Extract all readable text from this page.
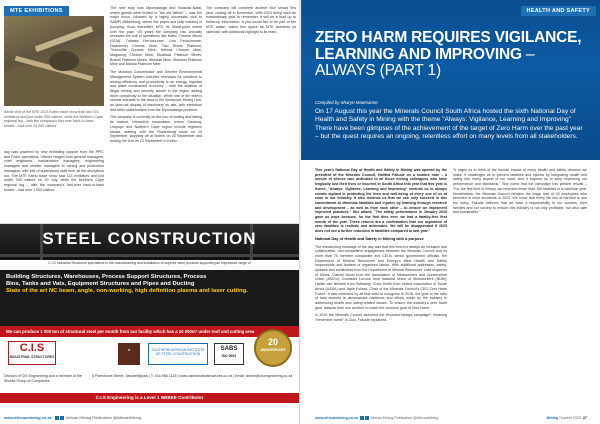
MTE EXHIBITIONS
Aerial shot of the MTE 2023 Kathu trade show that had 715 exhibitors and just under 300 visitors, while the Northern Cape regional leg – with the company's first ever back-to-back shows – had over 10 000 visitors

day was powered by new exhibiting support from the PPIC and Fodor operations. Visitors ranged from general managers, chief engineers, maintenance managers, engineering managers and smelter managers to mining and production managers, with lots of supervisory staff from all the disciplines too. The MTE Kathu trade show saw 115 exhibitors and just under 300 visitors on 20 July, while the Northern Cape regional leg – with the company's first-ever back-to-back shows – had over 1 000 visitors.

The next stop was Mpumalanga and Kwazulu-Natal, where guests were invited to "the old faithful" – was the major focus, followed by a highly successful visit to SAMPI Middelburg, where the paper and pulp industry is pumping. Soon thereafter, MTE hit Stand-point where over the past ~20 years the company has annually reviewed the suit of operations like Kathu Chrome Mines (SCM), Tubatse Ferrochrome, Lion Ferrochrome, Dwarsrivier Chrome Mine, Two Rivers Platinum, Thorncliffe Chrome Mine, Helena Chrome Mine, Magareng Chrome Mine, Modikwa Platinum Mines, Bokoni Platinum Mines, Nkomati Mine, Mototolo Platinum Mine and Marula Platinum Mine.

The Mototolo Concentrator and Smelter Environmental Management System includes exercises for solutions to mining efficiency and productivity is an energy, logistics and water constrained economy – with the addition of illegal mining and security issues in the region adding more complexity to the situation. While one of the team's newest entrants to the area is the Steelpoort Mining Hub, an open-air display of machinery on site, with exhibitors and other stakeholders from the Mpumalanga province.

The company is currently on the tour of visiting and taking its mature, interactive showcases, where Gauteng, Limpopo and Northern Cape region include eighteen shows, starting with the Rustenburg show on 10 September, stopping off at Sishen on 20 September and ending the tour on 22 September in Kathu.

The company will complete another four shows this year, closing off in November. With 2024 being such an extraordinary year to remember, it will be a lead up to follow-up information. If you would like to be part of the MTE action, watch this space as MTE launches its calendar, with additional highlight to its team.

STEEL CONSTRUCTION
C.I.S Industrial Structures specialises in the manufacturing and installation of superior steel products supporting an impressive range of
Building Structures, Warehouses, Process Support Structures, Process
Bins, Tanks and Vats, Equipment Structures and Pipes and Ducting
State of the art NC beam, angle, non-working, high definition plasma and laser cutting.
We can produce 1 000 ton of structural steel per month from our facility which has a 10 000m² under roof and cutting area
C.I.S
INDUSTRIAL STRUCTURES
★	SOUTHERN AFRICAN INSTITUTE OF STEEL CONSTRUCTION
SABS
ISO 9001
20
ANNIVERSARY
Division of CIS Engineering and a member of the Shonta Group of Companies
8 Fineshome Street, Vanderbijlpark | T: 016 986 1125 | www.cisindustrialstructures.co.za | Email: admin@cisengineering.co.za
C.I.S Engineering is a Level 1 BBBEE Contributor
www.africanmining.co.za	African Mining Publication @AfricanMining
HEALTH AND SAFETY
ZERO HARM REQUIRES VIGILANCE, LEARNING AND IMPROVING – ALWAYS (PART 1)
Compiled by Sharyn Maemanne
On 17 August this year the Minerals Council South Africa hosted the sixth National Day of Health and Safety in Mining with the theme "Always: Vigilance, Learning and Improving" There have been glimpses of the achievement of the target of Zero Harm over the past year – but the quest requires an ongoing, relentless effort on many levels from all stakeholders.

This year's National Day of Health and Safety in Mining was opened by the president of the Minerals Council, Nolitha Fakude on a sombre note – a minute of silence was dedicated to all those mining colleagues who have tragically lost their lives or incurred in South Africa this year that this year is theme, "Always: Vigilance, Learning and Improving" reminds us to always remain vigilant in protecting the lives and well-being of every one of us at work in our industry. It also reminds us that we can only succeed in this commitment to eliminate fatalities and injuries by learning through research and development – as well as from each other – to ensure we implement improved practices." She added, "The safety performance in January 2023 gave us hope because, for the first time ever, we had a fatality-free first month of the year. These returns are a confirmation that our aspiration of zero fatalities is realistic and achievable. We will be disappointed if 2023 does not see a further reduction in fatalities compared to last year."

National Day of Health and Safety in Mining with a purpose

The overarching message of the day was that this event is always an inclusive and collaborative, non-competitive engagement between the Minerals Council and its more than 70 member companies and CEOs, senior government officials, the Department of Mineral Resources and Energy's Mine Health and Safety Inspectorate and leaders of organised labour. With additional addresses, safety, updates and sentiments from the Department of Mineral Resources' chief inspector of Mines, Gabriel Nkosi from the Association of Mineworkers and Construction Union (AMCU), Dumisani Luvuno from National Union of Mineworkers (NUM), Hanlie van Niekerk from Solidarity, Chris Smith from United Association of South Africa (UASA) and Japie Fullard, Chair of the Minerals Council's CEO Zero Harm Forum. It was extended by all that exist to recognise in 2018, the goal of the ratio of fatal workers is demonstrate resilience and efforts made by the industry in addressing health and safety-related issues. To ensure the industry's zero harm goal, lessons from one another to reach the common goal of Zero Harm.

In 2019 the Minerals Council launched the Khumbul'ekhaya campaign*, meaning "remember home" in Zulu. Fakude explained,

"It urges us to think of the human impact of every health and safety decision we make. It challenges us to prevent fatalities and injuries by integrating health and safety into every aspect of our work. And it inspires us to keep improving our performance and standards." She noted that the campaign has yielded results – "For the first time in history, we recorded fewer than 100 fatalities in a calendar year. Nonetheless, the Minerals Council remains the tragic loss of 49 employees who perished in mine accidents in 2022. We know that every life lost at harmed is one too many. Fakude believes that we have a responsibility to our workers, their families and our society to ensure this industry is not only profitable, but also safe and sustainable."

www.africanmining.co.za	African Mining Publication @AfricanMining	Mining October 2023 27
